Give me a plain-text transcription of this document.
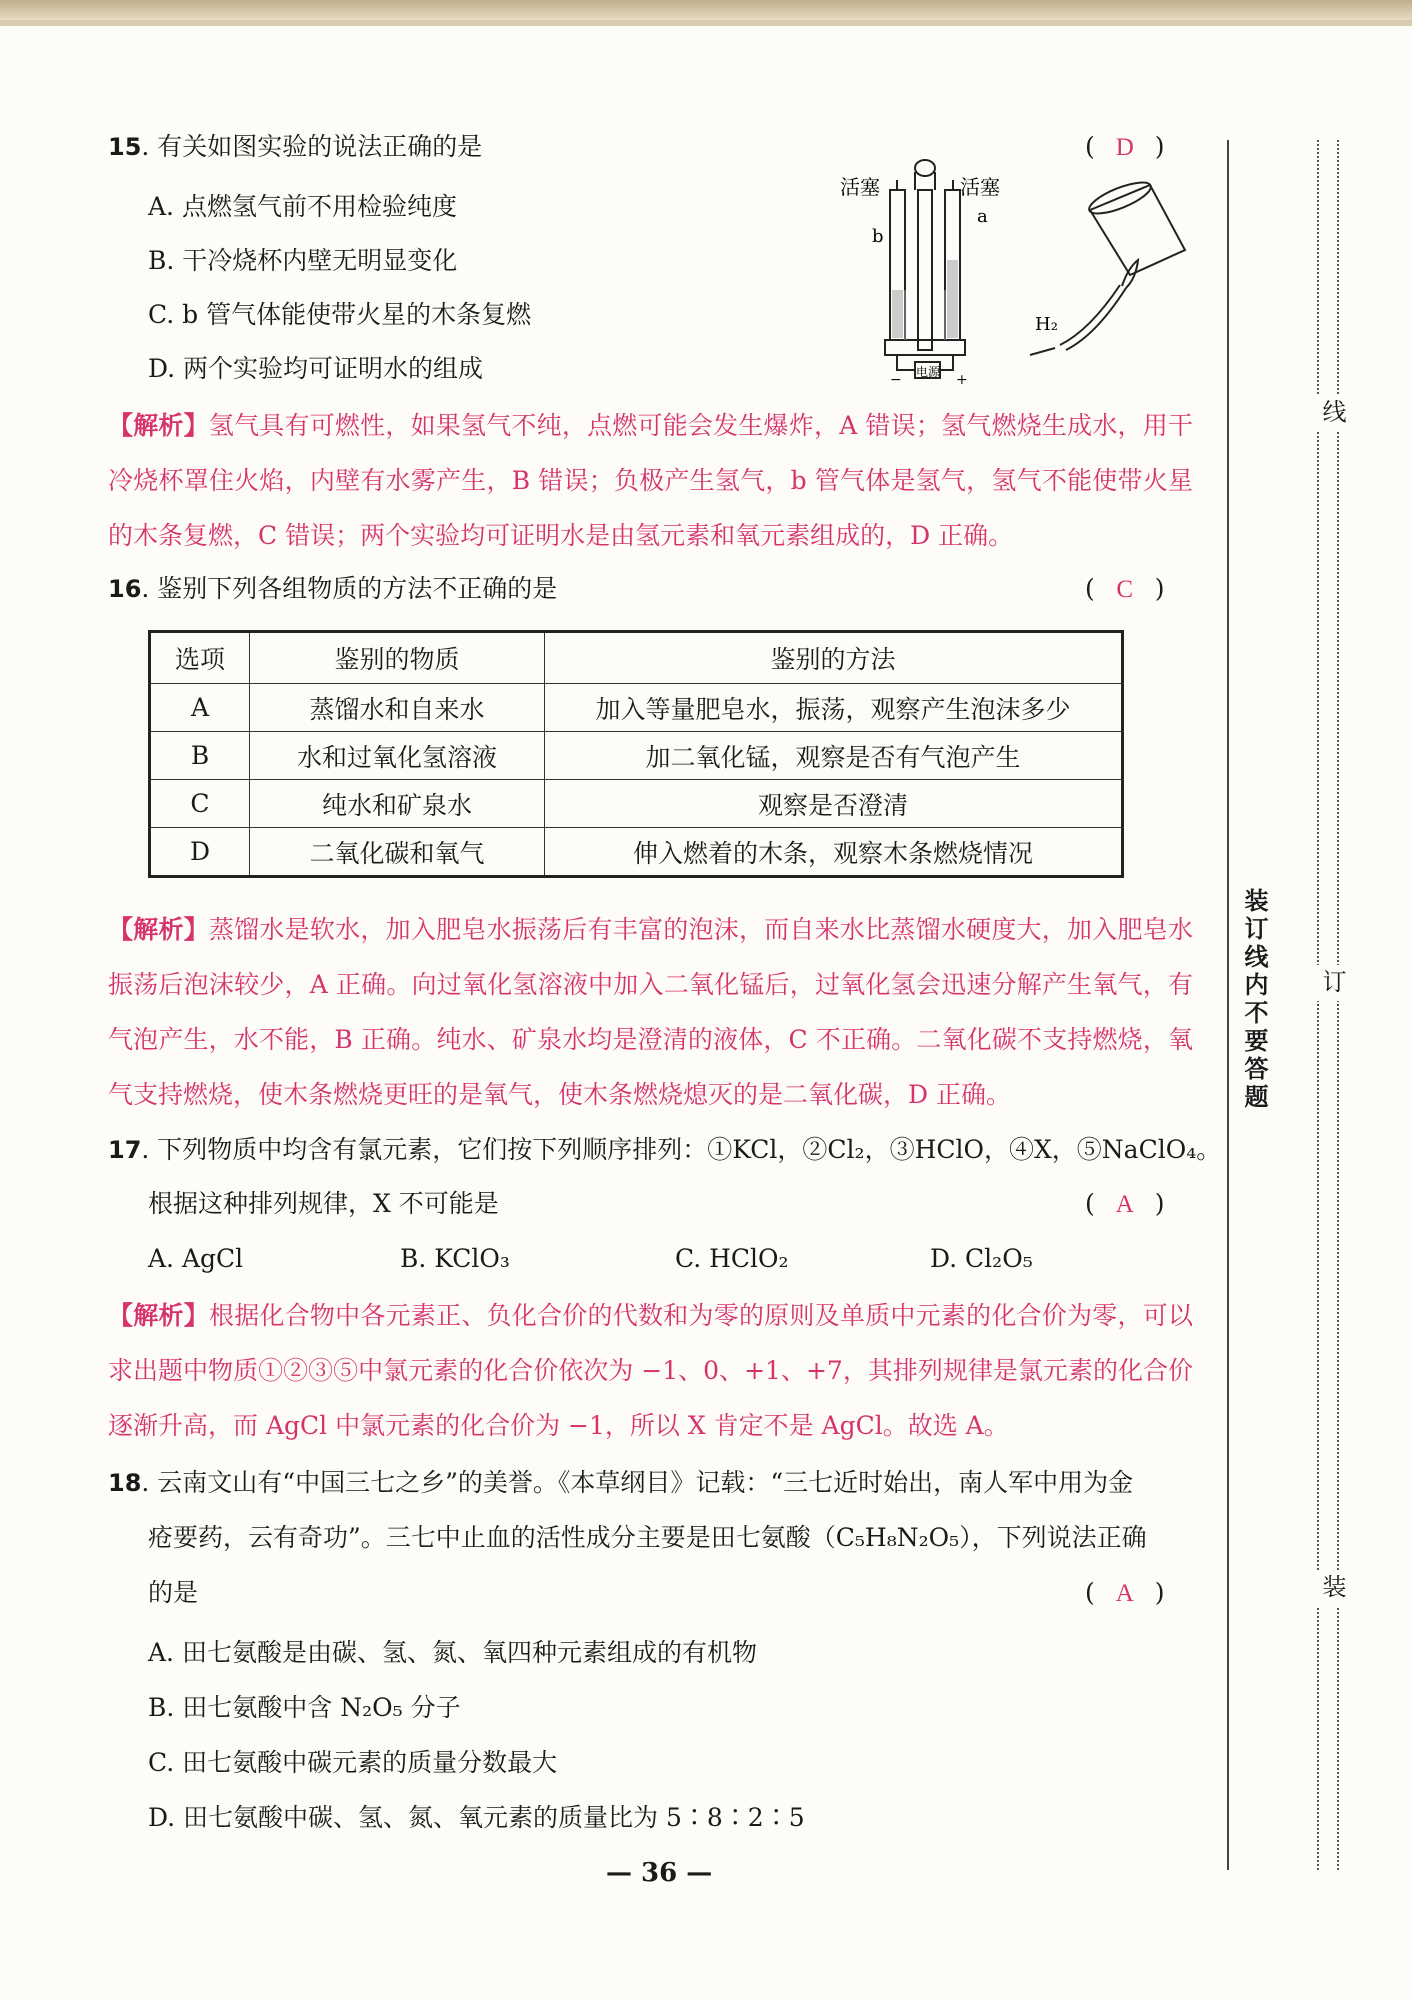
15. 有关如图实验的说法正确的是	( D )
A. 点燃氢气前不用检验纯度
B. 干冷烧杯内壁无明显变化
C. b 管气体能使带火星的木条复燃
D. 两个实验均可证明水的组成
活塞	活塞
a
b
电源
−	+
H₂
【解析】氢气具有可燃性，如果氢气不纯，点燃可能会发生爆炸，A 错误；氢气燃烧生成水，用干冷烧杯罩住火焰，内壁有水雾产生，B 错误；负极产生氢气，b 管气体是氢气，氢气不能使带火星的木条复燃，C 错误；两个实验均可证明水是由氢元素和氧元素组成的，D 正确。
16. 鉴别下列各组物质的方法不正确的是	( C )
选项	鉴别的物质	鉴别的方法
A	蒸馏水和自来水	加入等量肥皂水，振荡，观察产生泡沫多少
B	水和过氧化氢溶液	加二氧化锰，观察是否有气泡产生
C	纯水和矿泉水	观察是否澄清
D	二氧化碳和氧气	伸入燃着的木条，观察木条燃烧情况
【解析】蒸馏水是软水，加入肥皂水振荡后有丰富的泡沫，而自来水比蒸馏水硬度大，加入肥皂水振荡后泡沫较少，A 正确。向过氧化氢溶液中加入二氧化锰后，过氧化氢会迅速分解产生氧气，有气泡产生，水不能，B 正确。纯水、矿泉水均是澄清的液体，C 不正确。二氧化碳不支持燃烧，氧气支持燃烧，使木条燃烧更旺的是氧气，使木条燃烧熄灭的是二氧化碳，D 正确。
17. 下列物质中均含有氯元素，它们按下列顺序排列：①KCl，②Cl₂，③HClO，④X，⑤NaClO₄。
根据这种排列规律，X 不可能是	( A )
A. AgCl	B. KClO₃	C. HClO₂	D. Cl₂O₅
【解析】根据化合物中各元素正、负化合价的代数和为零的原则及单质中元素的化合价为零，可以求出题中物质①②③⑤中氯元素的化合价依次为 −1、0、+1、+7，其排列规律是氯元素的化合价逐渐升高，而 AgCl 中氯元素的化合价为 −1，所以 X 肯定不是 AgCl。故选 A。
18. 云南文山有“中国三七之乡”的美誉。《本草纲目》记载：“三七近时始出，南人军中用为金
疮要药，云有奇功”。三七中止血的活性成分主要是田七氨酸（C₅H₈N₂O₅），下列说法正确
的是	( A )
A. 田七氨酸是由碳、氢、氮、氧四种元素组成的有机物
B. 田七氨酸中含 N₂O₅ 分子
C. 田七氨酸中碳元素的质量分数最大
D. 田七氨酸中碳、氢、氮、氧元素的质量比为 5∶8∶2∶5
— 36 —
线
装订线内不要答题 订
装
